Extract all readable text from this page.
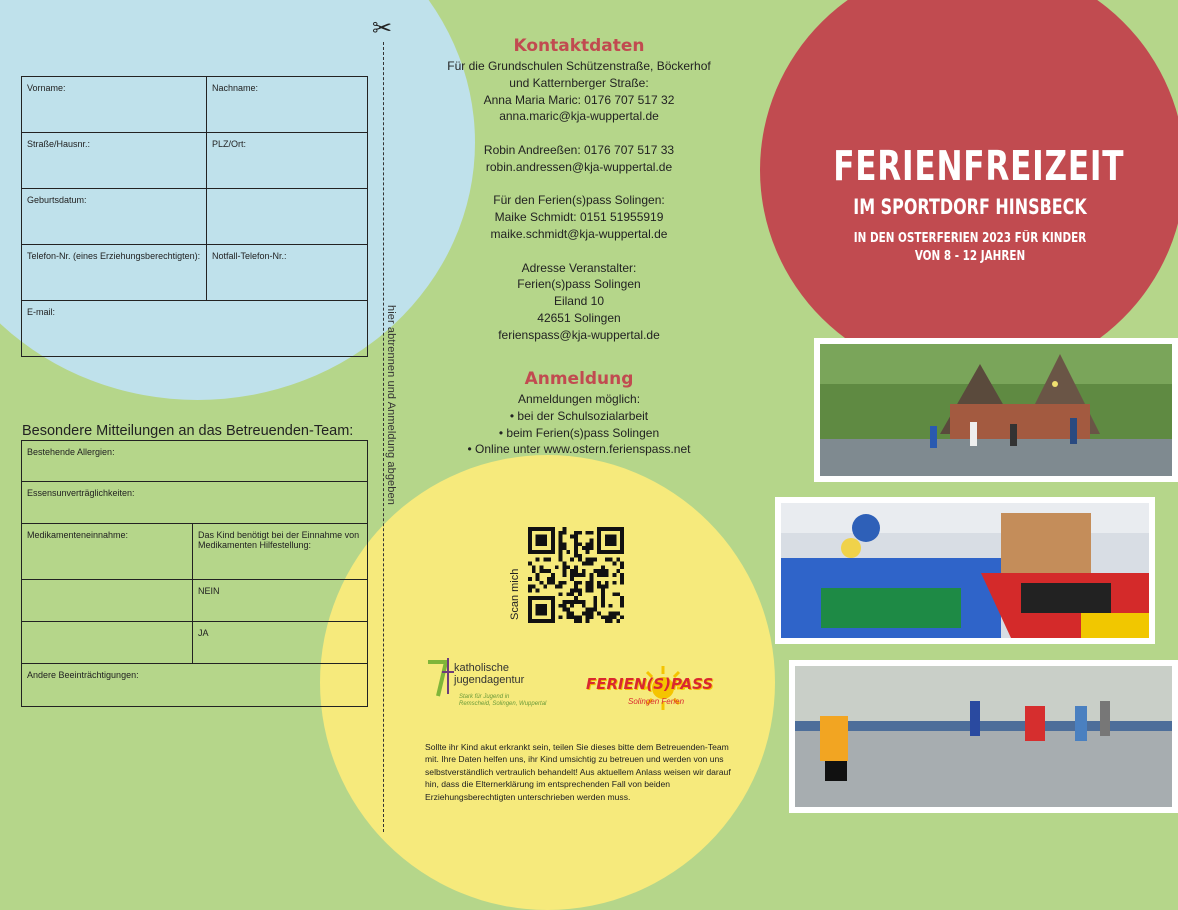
✂
hier abtrennen und Anmeldung abgeben
Vorname:	Nachname:
Straße/Hausnr.:	PLZ/Ort:
Geburtsdatum:	
Telefon-Nr. (eines Erziehungsberechtigten):	Notfall-Telefon-Nr.:
E-mail:	
Besondere Mitteilungen an das Betreuenden-Team:
Bestehende Allergien:	
Essensunverträglichkeiten:	
Medikamenteneinnahme:	Das Kind benötigt bei der Einnahme von Medikamenten Hilfestellung:
	NEIN
	JA
Andere Beeinträchtigungen:	
Kontaktdaten
Für die Grundschulen Schützenstraße, Böckerhof
und Katternberger Straße:
Anna Maria Maric: 0176 707 517 32
anna.maric@kja-wuppertal.de
Robin Andreeßen: 0176 707 517 33
robin.andressen@kja-wuppertal.de
Für den Ferien(s)pass Solingen:
Maike Schmidt: 0151 51955919
maike.schmidt@kja-wuppertal.de
Adresse Veranstalter:
Ferien(s)pass Solingen
Eiland 10
42651 Solingen
ferienspass@kja-wuppertal.de
Anmeldung
Anmeldungen möglich:
• bei der Schulsozialarbeit
• beim Ferien(s)pass Solingen
• Online unter www.ostern.ferienspass.net
Scan mich
katholische
jugendagentur
Stark für Jugend in
Remscheid, Solingen, Wuppertal
FERIEN(S)PASS
Solingen Ferien
Sollte ihr Kind akut erkrankt sein, teilen Sie dieses bitte dem Betreuenden-Team mit. Ihre Daten helfen uns, ihr Kind umsichtig zu betreuen und werden von uns selbstverständlich vertraulich behandelt! Aus aktuellem Anlass weisen wir darauf hin, dass die Elternerklärung im entsprechenden Fall von beiden Erziehungsberechtigten unterschrieben werden muss.
FERIENFREIZEIT
IM SPORTDORF HINSBECK
IN DEN OSTERFERIEN 2023 FÜR KINDER
VON 8 - 12 JAHREN
